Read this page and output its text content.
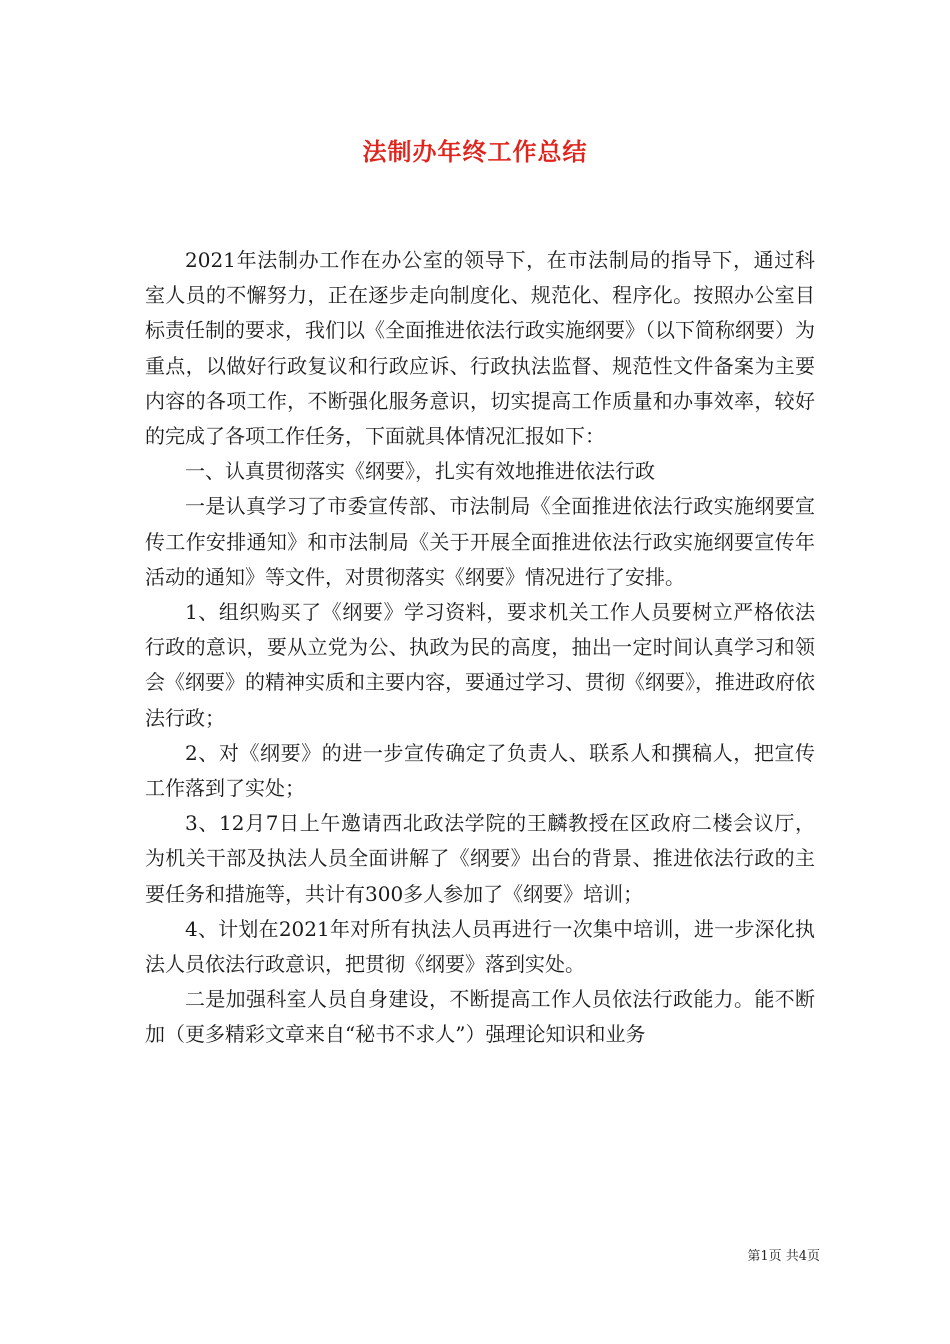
法制办年终工作总结

2021年法制办工作在办公室的领导下，在市法制局的指导下，通过科室人员的不懈努力，正在逐步走向制度化、规范化、程序化。按照办公室目标责任制的要求，我们以《全面推进依法行政实施纲要》（以下简称纲要）为重点，以做好行政复议和行政应诉、行政执法监督、规范性文件备案为主要内容的各项工作，不断强化服务意识，切实提高工作质量和办事效率，较好的完成了各项工作任务，下面就具体情况汇报如下：

一、认真贯彻落实《纲要》，扎实有效地推进依法行政

一是认真学习了市委宣传部、市法制局《全面推进依法行政实施纲要宣传工作安排通知》和市法制局《关于开展全面推进依法行政实施纲要宣传年活动的通知》等文件，对贯彻落实《纲要》情况进行了安排。

1、组织购买了《纲要》学习资料，要求机关工作人员要树立严格依法行政的意识，要从立党为公、执政为民的高度，抽出一定时间认真学习和领会《纲要》的精神实质和主要内容，要通过学习、贯彻《纲要》，推进政府依法行政；

2、对《纲要》的进一步宣传确定了负责人、联系人和撰稿人，把宣传工作落到了实处；

3、12月7日上午邀请西北政法学院的王麟教授在区政府二楼会议厅，为机关干部及执法人员全面讲解了《纲要》出台的背景、推进依法行政的主要任务和措施等，共计有300多人参加了《纲要》培训；

4、计划在2021年对所有执法人员再进行一次集中培训，进一步深化执法人员依法行政意识，把贯彻《纲要》落到实处。

二是加强科室人员自身建设，不断提高工作人员依法行政能力。能不断加（更多精彩文章来自“秘书不求人”）强理论知识和业务

第1页 共4页
